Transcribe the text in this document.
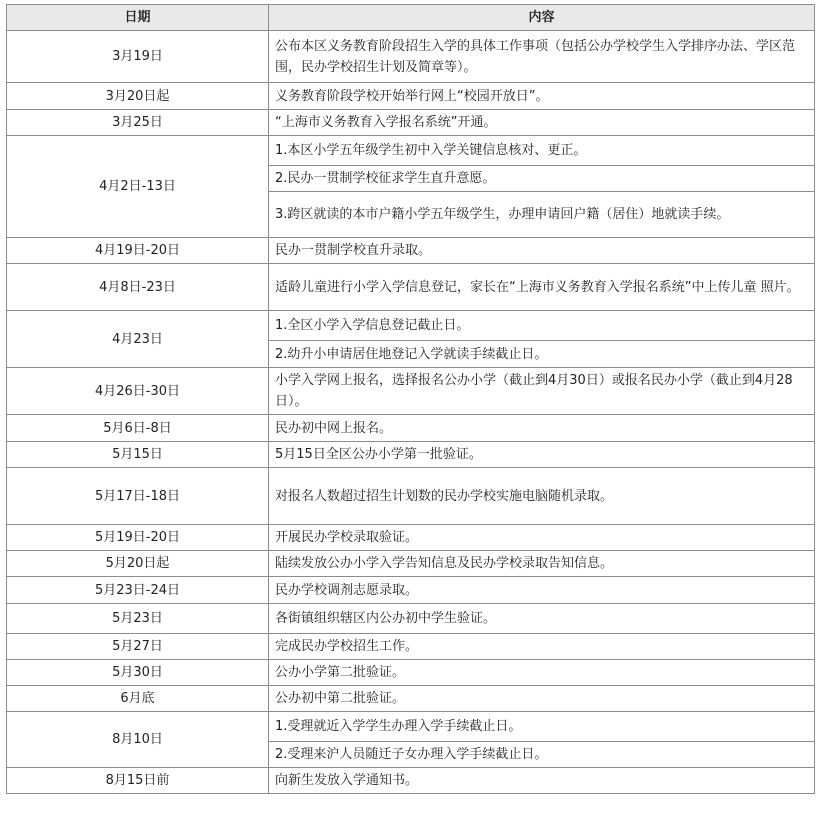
日期	内容
3月19日	公布本区义务教育阶段招生入学的具体工作事项（包括公办学校学生入学排序办法、学区范围，民办学校招生计划及简章等）。
3月20日起	义务教育阶段学校开始举行网上“校园开放日”。
3月25日	“上海市义务教育入学报名系统”开通。
4月2日-13日	1.本区小学五年级学生初中入学关键信息核对、更正。
	2.民办一贯制学校征求学生直升意愿。
	3.跨区就读的本市户籍小学五年级学生，办理申请回户籍（居住）地就读手续。
4月19日-20日	民办一贯制学校直升录取。
4月8日-23日	适龄儿童进行小学入学信息登记，家长在“上海市义务教育入学报名系统”中上传儿童 照片。
4月23日	1.全区小学入学信息登记截止日。
	2.幼升小申请居住地登记入学就读手续截止日。
4月26日-30日	小学入学网上报名，选择报名公办小学（截止到4月30日）或报名民办小学（截止到4月28日）。
5月6日-8日	民办初中网上报名。
5月15日	5月15日全区公办小学第一批验证。
5月17日-18日	对报名人数超过招生计划数的民办学校实施电脑随机录取。
5月19日-20日	开展民办学校录取验证。
5月20日起	陆续发放公办小学入学告知信息及民办学校录取告知信息。
5月23日-24日	民办学校调剂志愿录取。
5月23日	各街镇组织辖区内公办初中学生验证。
5月27日	完成民办学校招生工作。
5月30日	公办小学第二批验证。
6月底	公办初中第二批验证。
8月10日	1.受理就近入学学生办理入学手续截止日。
	2.受理来沪人员随迁子女办理入学手续截止日。
8月15日前	向新生发放入学通知书。
